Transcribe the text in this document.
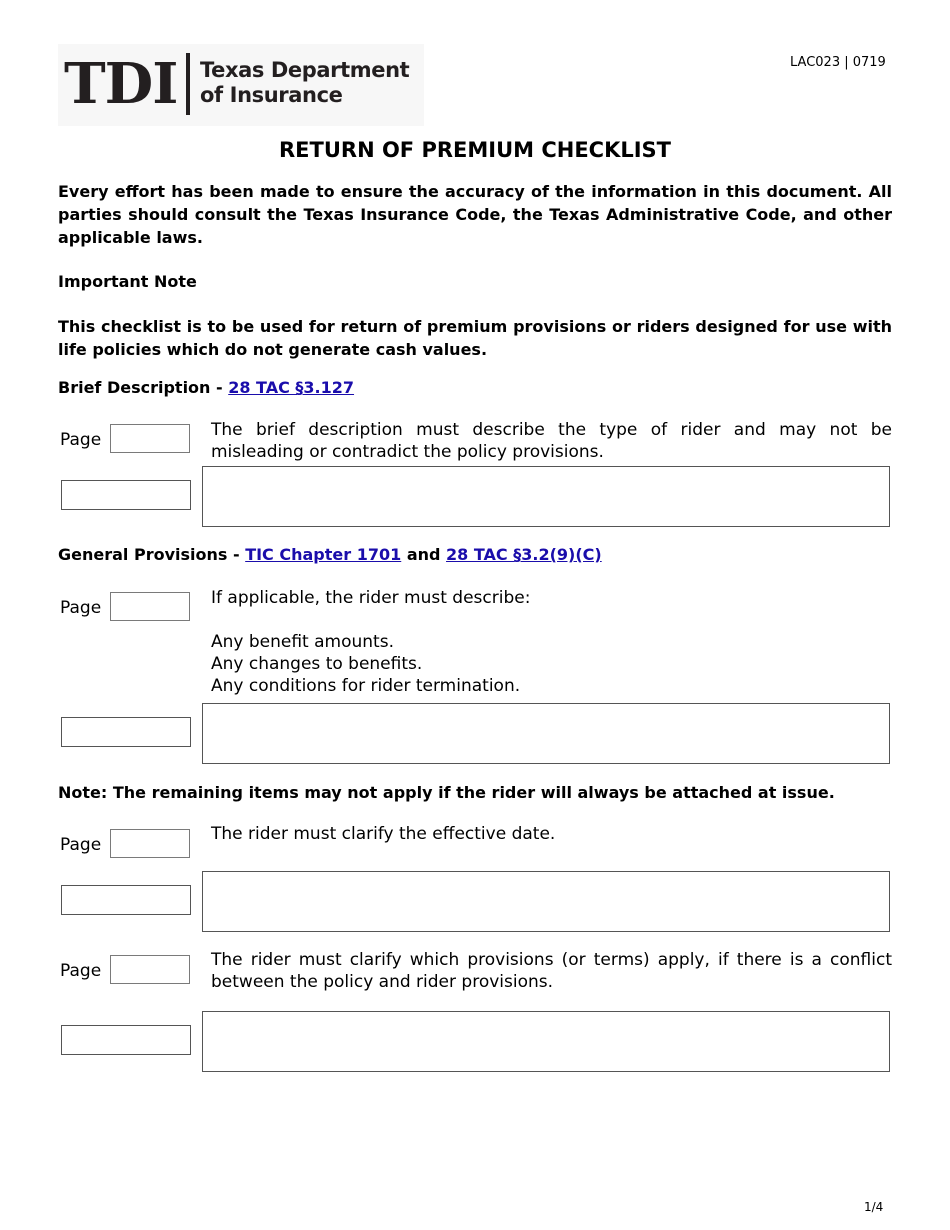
TDI Texas Department
of Insurance
LAC023 | 0719
RETURN OF PREMIUM CHECKLIST
Every effort has been made to ensure the accuracy of the information in this document. All parties should consult the Texas Insurance Code, the Texas Administrative Code, and other applicable laws.
Important Note
This checklist is to be used for return of premium provisions or riders designed for use with life policies which do not generate cash values.
Brief Description - 28 TAC §3.127
Page	The brief description must describe the type of rider and may not be misleading or contradict the policy provisions.
General Provisions - TIC Chapter 1701 and 28 TAC §3.2(9)(C)
Page	If applicable, the rider must describe:
Any benefit amounts.
Any changes to benefits.
Any conditions for rider termination.
Note: The remaining items may not apply if the rider will always be attached at issue.
Page
The rider must clarify the effective date.
Page
The rider must clarify which provisions (or terms) apply, if there is a conflict between the policy and rider provisions.
1/4
